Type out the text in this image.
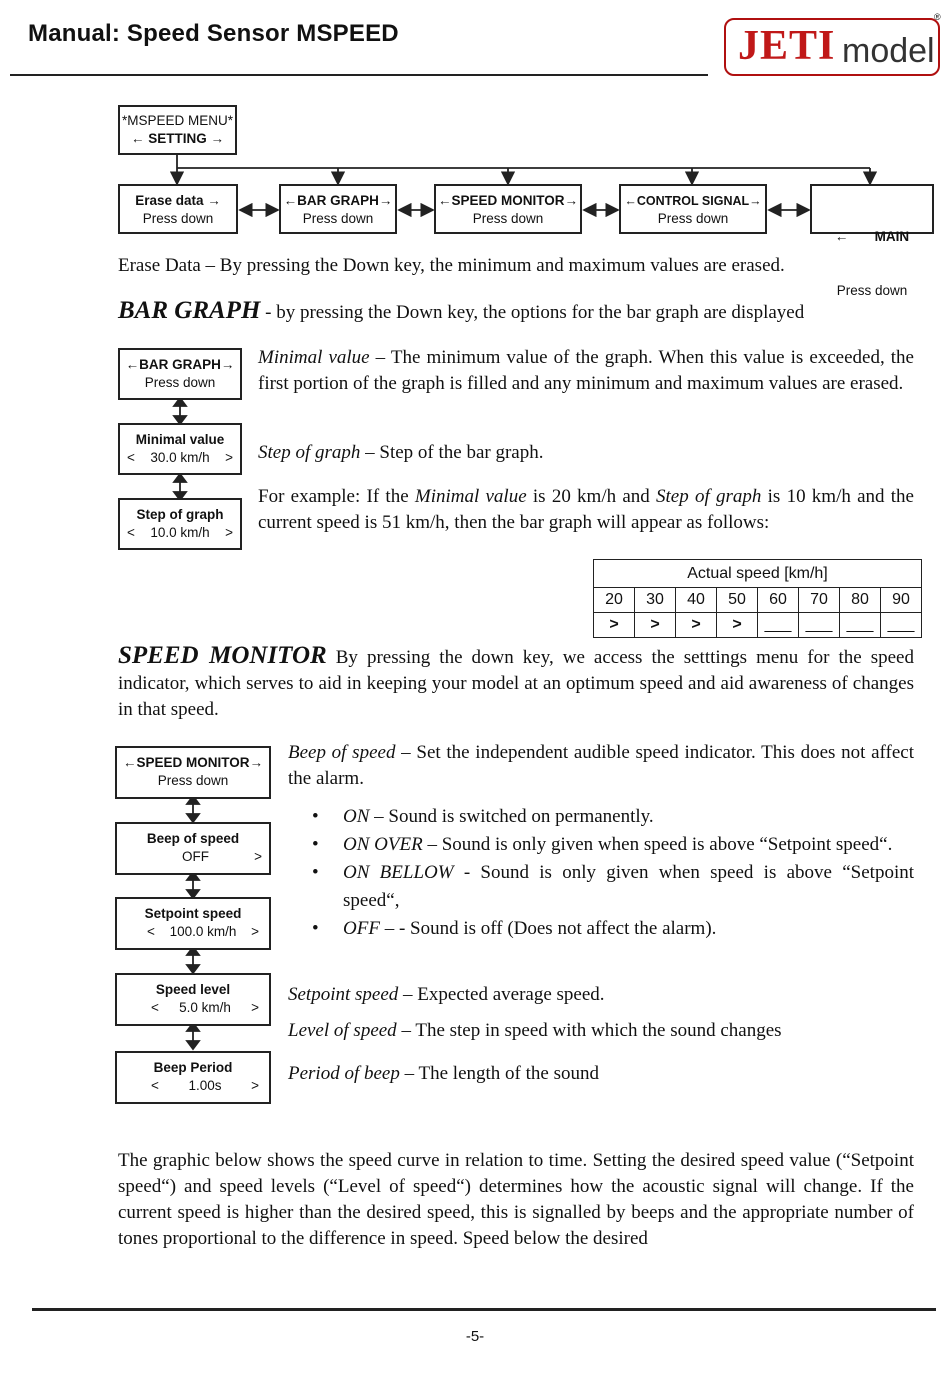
Manual: Speed Sensor MSPEED	JETI model
®
*MSPEED MENU*
← SETTING →
Erase data →
Press down
←BAR GRAPH→
Press down
←SPEED MONITOR→
Press down
←CONTROL SIGNAL→
Press down

←       MAIN

Press down

Erase Data – By pressing the Down key, the minimum and maximum values are erased.
BAR GRAPH - by pressing the Down key, the options for the bar graph are displayed
←BAR GRAPH→
Press down
Minimal value
< 30.0 km/h >
Step of graph
< 10.0 km/h >
Minimal value – The minimum value of the graph. When this value is exceeded, the first portion of the graph is filled and any minimum and maximum values are erased.
Step of graph – Step of the bar graph.
For example: If the Minimal value is 20 km/h and Step of graph is 10 km/h and the current speed is 51 km/h, then the bar graph will appear as follows:
Actual speed [km/h]							
20	30	40	50	60	70	80	90
>	>	>	>	___	___	___	___
SPEED MONITOR By pressing the down key, we access the setttings menu for the speed indicator, which serves to aid in keeping your model at an optimum speed and aid awareness of changes in that speed.
←SPEED MONITOR→
Press down
Beep of speed
OFF	>
Setpoint speed
< 100.0 km/h >
Speed level
< 5.0 km/h >
Beep Period
< 1.00s >
Beep of speed – Set the independent audible speed indicator. This does not affect the alarm.
• ON – Sound is switched on permanently.
• ON OVER – Sound is only given when speed is above “Setpoint speed“.
• ON BELLOW - Sound is only given when speed is above “Setpoint speed“,
• OFF – - Sound is off (Does not affect the alarm).
Setpoint speed – Expected average speed.
Level of speed – The step in speed with which the sound changes
Period of beep – The length of the sound
The graphic below shows the speed curve in relation to time. Setting the desired speed value (“Setpoint speed“) and speed levels (“Level of speed“) determines how the acoustic signal will change. If the current speed is higher than the desired speed, this is signalled by beeps and the appropriate number of tones proportional to the difference in speed. Speed below the desired
-5-
